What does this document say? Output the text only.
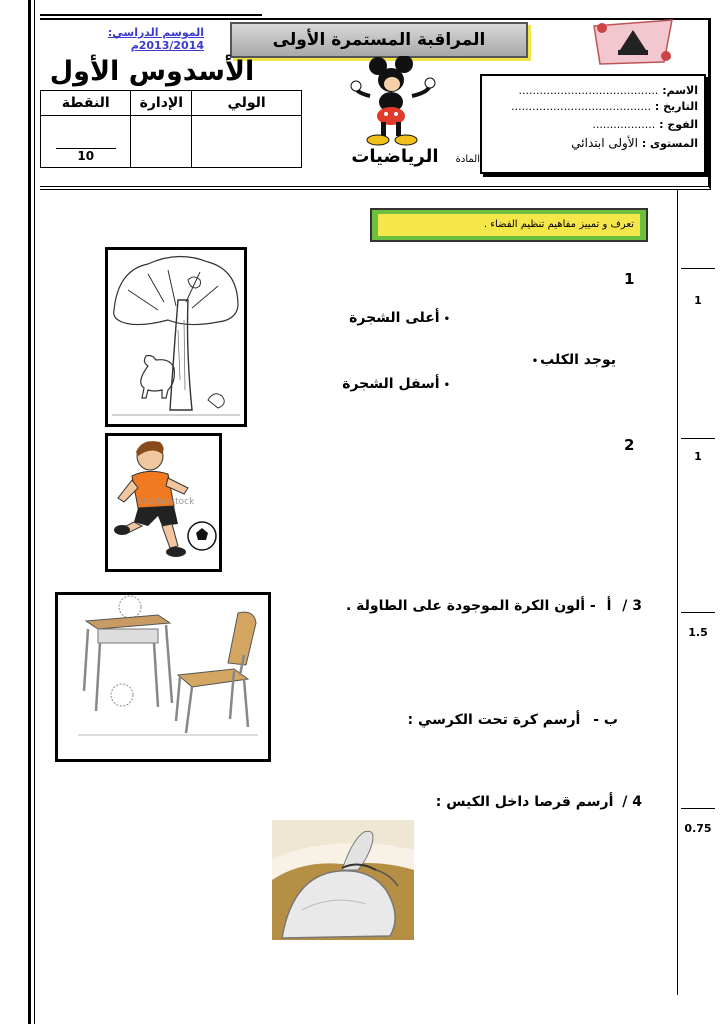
المراقبة المستمرة الأولى
الموسم الدراسي: 2013/2014م
الأسدوس الأول
النقطة	الإدارة	الولي

10		
			المادة الرياضيات
الاسم: ........................................
التاريخ : ........................................
الفوج : ..................
المستوى : الأولى ابتدائي
تعرف و تمييز مفاهيم تنظيم الفضاء .
1
1
1.5
0.75
1
•أعلى الشجرة
يوجد الكلب•
•أسفل الشجرة
2
shutterstock
3 / أ - ألون الكرة الموجودة على الطاولة .
ب - أرسم كرة تحت الكرسي :
4 / أرسم قرصا داخل الكيس :
